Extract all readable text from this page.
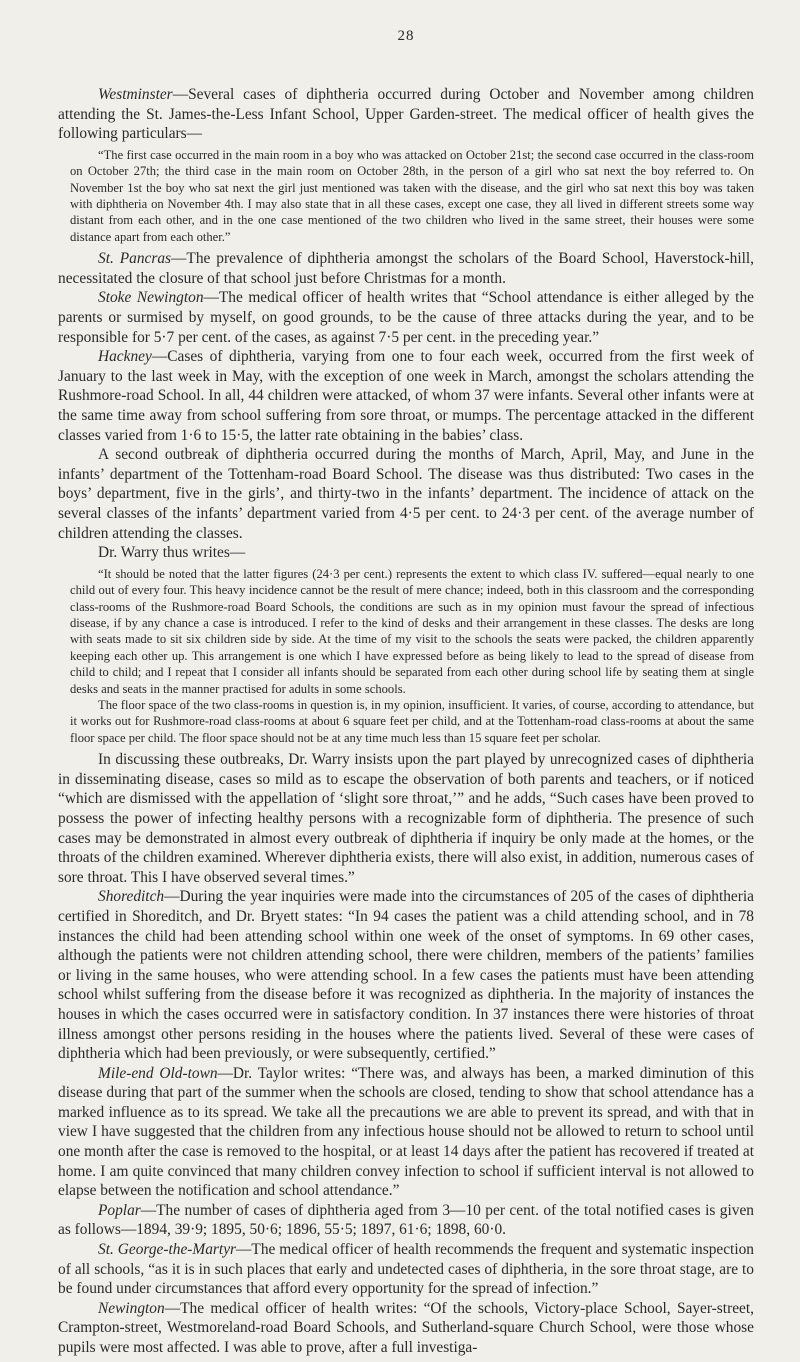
28

Westminster—Several cases of diphtheria occurred during October and November among children attending the St. James-the-Less Infant School, Upper Garden-street. The medical officer of health gives the following particulars—

“The first case occurred in the main room in a boy who was attacked on October 21st; the second case occurred in the class-room on October 27th; the third case in the main room on October 28th, in the person of a girl who sat next the boy referred to. On November 1st the boy who sat next the girl just mentioned was taken with the disease, and the girl who sat next this boy was taken with diphtheria on November 4th. I may also state that in all these cases, except one case, they all lived in different streets some way distant from each other, and in the one case mentioned of the two children who lived in the same street, their houses were some distance apart from each other.”

St. Pancras—The prevalence of diphtheria amongst the scholars of the Board School, Haverstock-hill, necessitated the closure of that school just before Christmas for a month.

Stoke Newington—The medical officer of health writes that “School attendance is either alleged by the parents or surmised by myself, on good grounds, to be the cause of three attacks during the year, and to be responsible for 5·7 per cent. of the cases, as against 7·5 per cent. in the preceding year.”

Hackney—Cases of diphtheria, varying from one to four each week, occurred from the first week of January to the last week in May, with the exception of one week in March, amongst the scholars attending the Rushmore-road School. In all, 44 children were attacked, of whom 37 were infants. Several other infants were at the same time away from school suffering from sore throat, or mumps. The percentage attacked in the different classes varied from 1·6 to 15·5, the latter rate obtaining in the babies’ class.

A second outbreak of diphtheria occurred during the months of March, April, May, and June in the infants’ department of the Tottenham-road Board School. The disease was thus distributed: Two cases in the boys’ department, five in the girls’, and thirty-two in the infants’ department. The incidence of attack on the several classes of the infants’ department varied from 4·5 per cent. to 24·3 per cent. of the average number of children attending the classes.

Dr. Warry thus writes—

“It should be noted that the latter figures (24·3 per cent.) represents the extent to which class IV. suffered—equal nearly to one child out of every four. This heavy incidence cannot be the result of mere chance; indeed, both in this classroom and the corresponding class-rooms of the Rushmore-road Board Schools, the conditions are such as in my opinion must favour the spread of infectious disease, if by any chance a case is introduced. I refer to the kind of desks and their arrangement in these classes. The desks are long with seats made to sit six children side by side. At the time of my visit to the schools the seats were packed, the children apparently keeping each other up. This arrangement is one which I have expressed before as being likely to lead to the spread of disease from child to child; and I repeat that I consider all infants should be separated from each other during school life by seating them at single desks and seats in the manner practised for adults in some schools.

The floor space of the two class-rooms in question is, in my opinion, insufficient. It varies, of course, according to attendance, but it works out for Rushmore-road class-rooms at about 6 square feet per child, and at the Tottenham-road class-rooms at about the same floor space per child. The floor space should not be at any time much less than 15 square feet per scholar.

In discussing these outbreaks, Dr. Warry insists upon the part played by unrecognized cases of diphtheria in disseminating disease, cases so mild as to escape the observation of both parents and teachers, or if noticed “which are dismissed with the appellation of ‘slight sore throat,’” and he adds, “Such cases have been proved to possess the power of infecting healthy persons with a recognizable form of diphtheria. The presence of such cases may be demonstrated in almost every outbreak of diphtheria if inquiry be only made at the homes, or the throats of the children examined. Wherever diphtheria exists, there will also exist, in addition, numerous cases of sore throat. This I have observed several times.”

Shoreditch—During the year inquiries were made into the circumstances of 205 of the cases of diphtheria certified in Shoreditch, and Dr. Bryett states: “In 94 cases the patient was a child attending school, and in 78 instances the child had been attending school within one week of the onset of symptoms. In 69 other cases, although the patients were not children attending school, there were children, members of the patients’ families or living in the same houses, who were attending school. In a few cases the patients must have been attending school whilst suffering from the disease before it was recognized as diphtheria. In the majority of instances the houses in which the cases occurred were in satisfactory condition. In 37 instances there were histories of throat illness amongst other persons residing in the houses where the patients lived. Several of these were cases of diphtheria which had been previously, or were subsequently, certified.”

Mile-end Old-town—Dr. Taylor writes: “There was, and always has been, a marked diminution of this disease during that part of the summer when the schools are closed, tending to show that school attendance has a marked influence as to its spread. We take all the precautions we are able to prevent its spread, and with that in view I have suggested that the children from any infectious house should not be allowed to return to school until one month after the case is removed to the hospital, or at least 14 days after the patient has recovered if treated at home. I am quite convinced that many children convey infection to school if sufficient interval is not allowed to elapse between the notification and school attendance.”

Poplar—The number of cases of diphtheria aged from 3—10 per cent. of the total notified cases is given as follows—1894, 39·9; 1895, 50·6; 1896, 55·5; 1897, 61·6; 1898, 60·0.

St. George-the-Martyr—The medical officer of health recommends the frequent and systematic inspection of all schools, “as it is in such places that early and undetected cases of diphtheria, in the sore throat stage, are to be found under circumstances that afford every opportunity for the spread of infection.”

Newington—The medical officer of health writes: “Of the schools, Victory-place School, Sayer-street, Crampton-street, Westmoreland-road Board Schools, and Sutherland-square Church School, were those whose pupils were most affected. I was able to prove, after a full investiga-
